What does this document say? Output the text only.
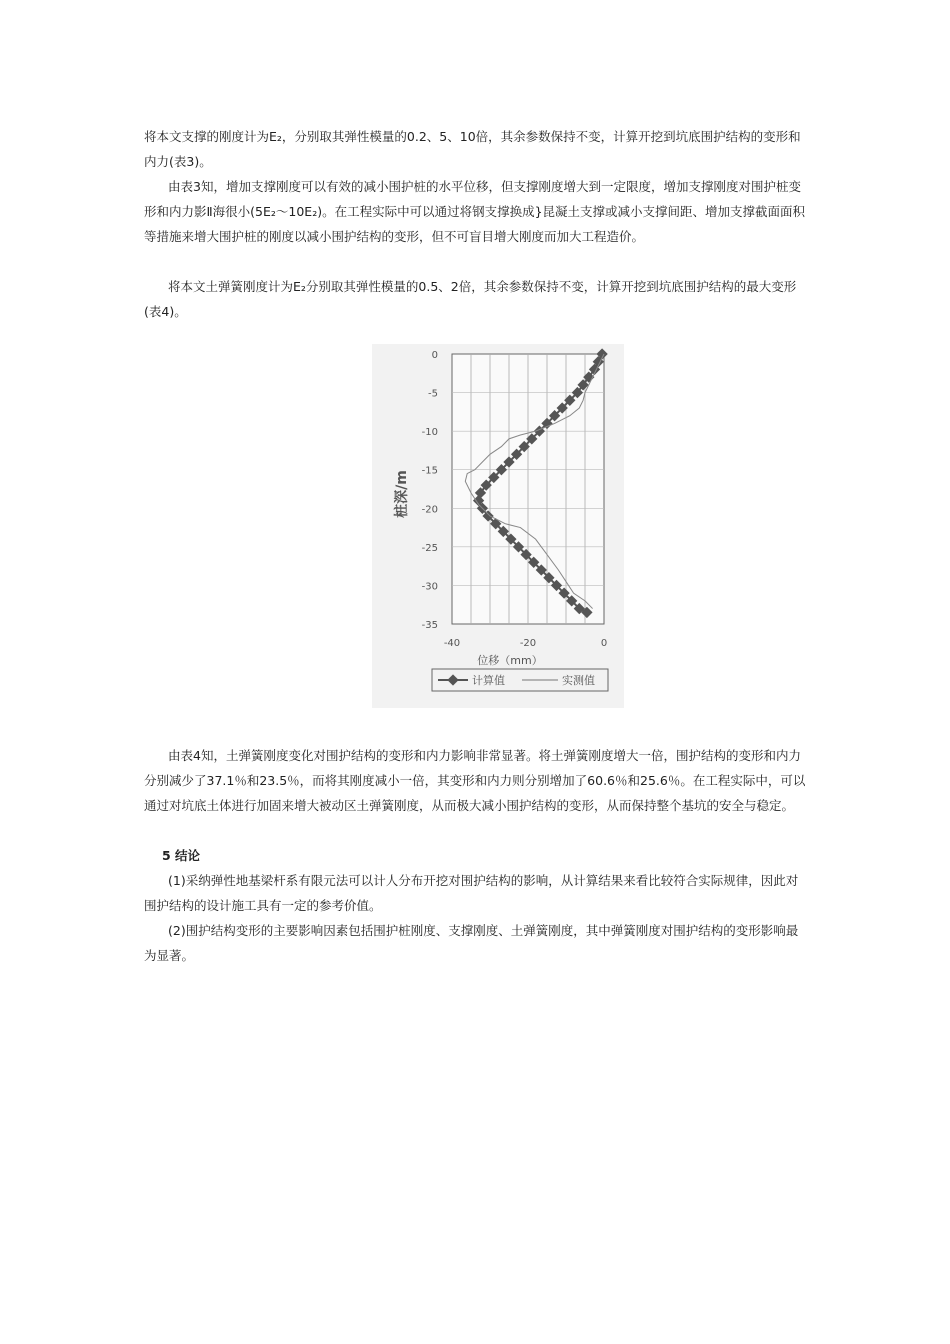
将本文支撑的刚度计为E₂，分别取其弹性模量的0.2、5、10倍，其余参数保持不变，计算开挖到坑底围护结构的变形和内力(表3)。

由表3知，增加支撑刚度可以有效的减小围护桩的水平位移，但支撑刚度增大到一定限度，增加支撑刚度对围护桩变形和内力影Ⅱ海很小(5E₂～10E₂)。在工程实际中可以通过将钢支撑换成}昆凝土支撑或减小支撑间距、增加支撑截面面积等措施来增大围护桩的刚度以减小围护结构的变形，但不可盲目增大刚度而加大工程造价。

将本文土弹簧刚度计为E₂分别取其弹性模量的0.5、2倍，其余参数保持不变，计算开挖到坑底围护结构的最大变形(表4)。

0
-5
-10
-15
-20
-25
-30
-35
-40	-20	0
位移（mm）
桩深/m
计算值	实测值

由表4知，土弹簧刚度变化对围护结构的变形和内力影响非常显著。将土弹簧刚度增大一倍，围护结构的变形和内力分别减少了37.1％和23.5％，而将其刚度减小一倍，其变形和内力则分别增加了60.6％和25.6％。在工程实际中，可以通过对坑底土体进行加固来增大被动区土弹簧刚度，从而极大减小围护结构的变形，从而保持整个基坑的安全与稳定。

5 结论

(1)采纳弹性地基梁杆系有限元法可以计人分布开挖对围护结构的影响，从计算结果来看比较符合实际规律，因此对围护结构的设计施工具有一定的参考价值。

(2)围护结构变形的主要影响因素包括围护桩刚度、支撑刚度、土弹簧刚度，其中弹簧刚度对围护结构的变形影响最为显著。
